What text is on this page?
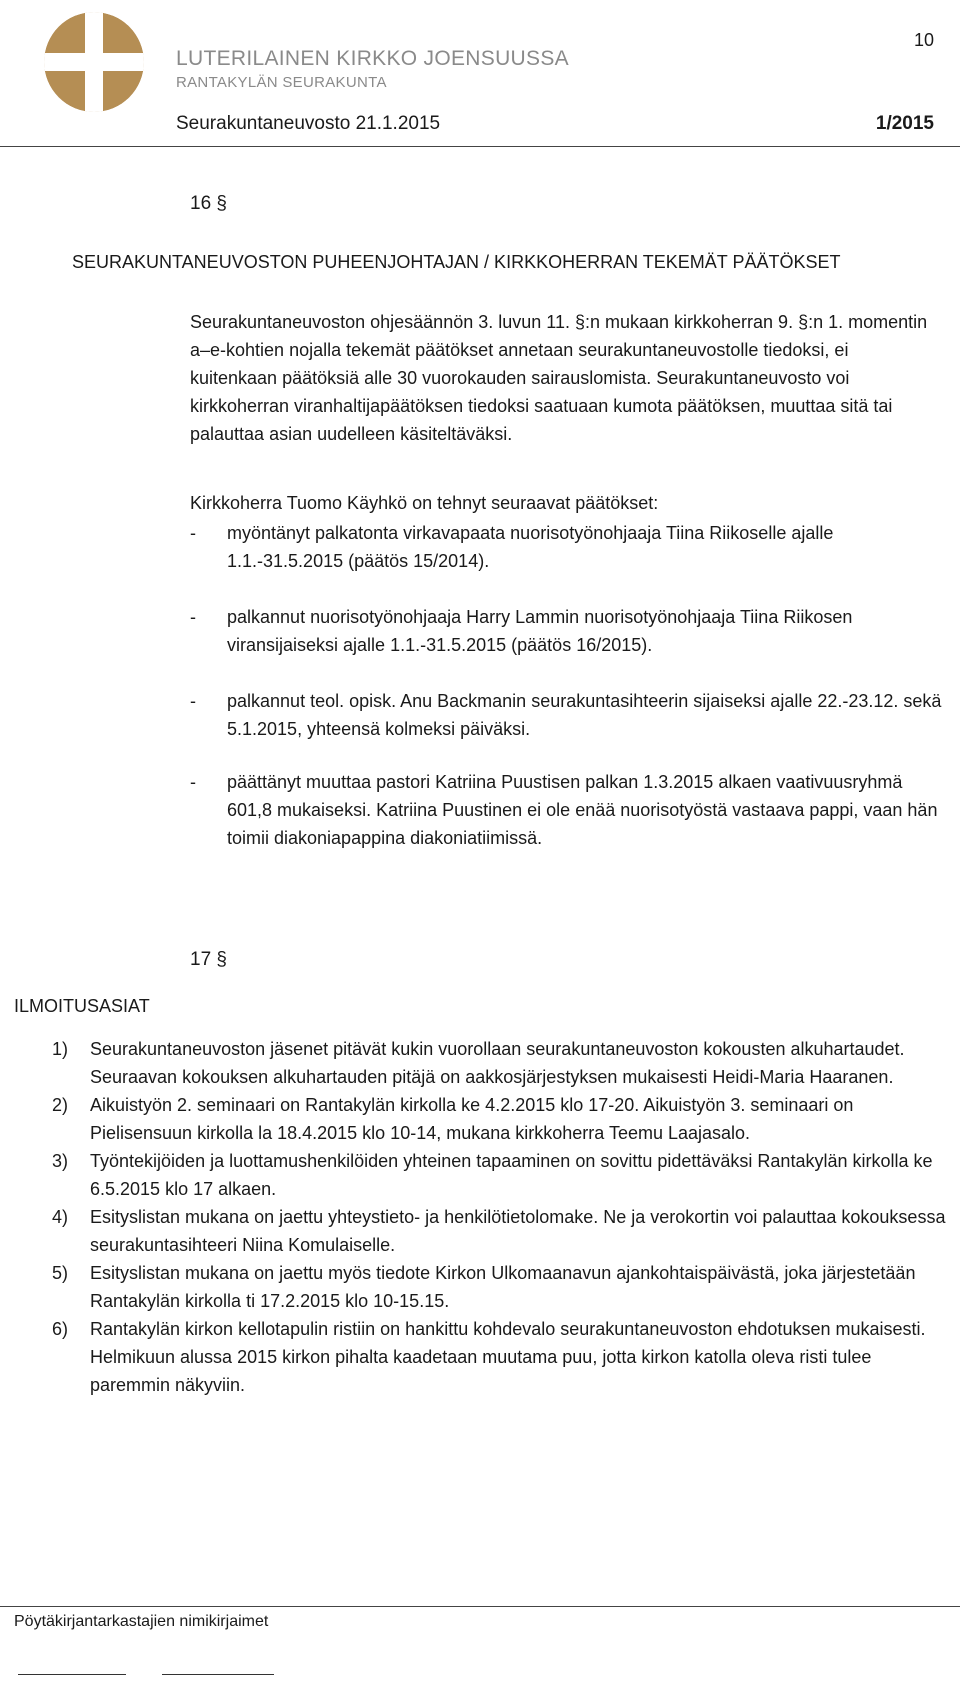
LUTERILAINEN KIRKKO JOENSUUSSA
RANTAKYLÄN SEURAKUNTA
10
Seurakuntaneuvosto 21.1.2015	1/2015
16 §
SEURAKUNTANEUVOSTON PUHEENJOHTAJAN / KIRKKOHERRAN TEKEMÄT PÄÄTÖKSET
Seurakuntaneuvoston ohjesäännön 3. luvun 11. §:n mukaan kirkkoherran 9. §:n 1. momentin a–e-kohtien nojalla tekemät päätökset annetaan seurakuntaneuvostolle tiedoksi, ei kuitenkaan päätöksiä alle 30 vuorokauden sairauslomista. Seurakuntaneuvosto voi kirkkoherran viranhaltijapäätöksen tiedoksi saatuaan kumota päätöksen, muuttaa sitä tai palauttaa asian uudelleen käsiteltäväksi.
Kirkkoherra Tuomo Käyhkö on tehnyt seuraavat päätökset:
- myöntänyt palkatonta virkavapaata nuorisotyönohjaaja Tiina Riikoselle ajalle 1.1.-31.5.2015 (päätös 15/2014).
- palkannut nuorisotyönohjaaja Harry Lammin nuorisotyönohjaaja Tiina Riikosen viransijaiseksi ajalle 1.1.-31.5.2015 (päätös 16/2015).
- palkannut teol. opisk. Anu Backmanin seurakuntasihteerin sijaiseksi ajalle 22.-23.12. sekä 5.1.2015, yhteensä kolmeksi päiväksi.
- päättänyt muuttaa pastori Katriina Puustisen palkan 1.3.2015 alkaen vaativuusryhmä 601,8 mukaiseksi. Katriina Puustinen ei ole enää nuorisotyöstä vastaava pappi, vaan hän toimii diakoniapappina diakoniatiimissä.
17 §
ILMOITUSASIAT
1) Seurakuntaneuvoston jäsenet pitävät kukin vuorollaan seurakuntaneuvoston kokousten alkuhartaudet. Seuraavan kokouksen alkuhartauden pitäjä on aakkosjärjestyksen mukaisesti Heidi-Maria Haaranen.
2) Aikuistyön 2. seminaari on Rantakylän kirkolla ke 4.2.2015 klo 17-20. Aikuistyön 3. seminaari on Pielisensuun kirkolla la 18.4.2015 klo 10-14, mukana kirkkoherra Teemu Laajasalo.
3) Työntekijöiden ja luottamushenkilöiden yhteinen tapaaminen on sovittu pidettäväksi Rantakylän kirkolla ke 6.5.2015 klo 17 alkaen.
4) Esityslistan mukana on jaettu yhteystieto- ja henkilötietolomake. Ne ja verokortin voi palauttaa kokouksessa seurakuntasihteeri Niina Komulaiselle.
5) Esityslistan mukana on jaettu myös tiedote Kirkon Ulkomaanavun ajankohtaispäivästä, joka järjestetään Rantakylän kirkolla ti 17.2.2015 klo 10-15.15.
6) Rantakylän kirkon kellotapulin ristiin on hankittu kohdevalo seurakuntaneuvoston ehdotuksen mukaisesti. Helmikuun alussa 2015 kirkon pihalta kaadetaan muutama puu, jotta kirkon katolla oleva risti tulee paremmin näkyviin.
Pöytäkirjantarkastajien nimikirjaimet
